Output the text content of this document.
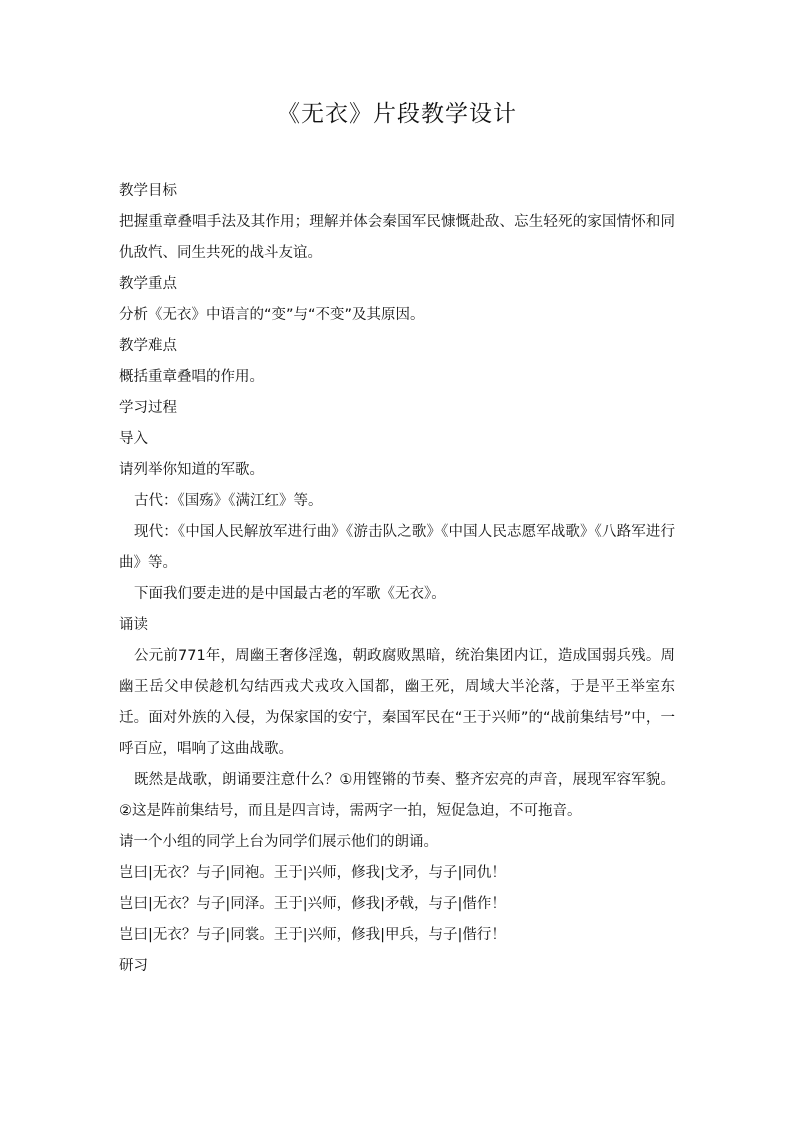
《无衣》片段教学设计
教学目标
把握重章叠唱手法及其作用；理解并体会秦国军民慷慨赴敌、忘生轻死的家国情怀和同仇敌忾、同生共死的战斗友谊。
教学重点
分析《无衣》中语言的“变”与“不变”及其原因。
教学难点
概括重章叠唱的作用。
学习过程
导入
请列举你知道的军歌。
古代：《国殇》《满江红》等。
现代：《中国人民解放军进行曲》《游击队之歌》《中国人民志愿军战歌》《八路军进行曲》等。
下面我们要走进的是中国最古老的军歌《无衣》。
诵读
公元前771年，周幽王奢侈淫逸，朝政腐败黑暗，统治集团内讧，造成国弱兵残。周幽王岳父申侯趁机勾结西戎犬戎攻入国都，幽王死，周域大半沦落，于是平王举室东迁。面对外族的入侵，为保家国的安宁，秦国军民在“王于兴师”的“战前集结号”中，一呼百应，唱响了这曲战歌。
既然是战歌，朗诵要注意什么？①用铿锵的节奏、整齐宏亮的声音，展现军容军貌。②这是阵前集结号，而且是四言诗，需两字一拍，短促急迫，不可拖音。
请一个小组的同学上台为同学们展示他们的朗诵。
岂曰|无衣？与子|同袍。王于|兴师，修我|戈矛，与子|同仇！
岂曰|无衣？与子|同泽。王于|兴师，修我|矛戟，与子|偕作！
岂曰|无衣？与子|同裳。王于|兴师，修我|甲兵，与子|偕行！
研习
